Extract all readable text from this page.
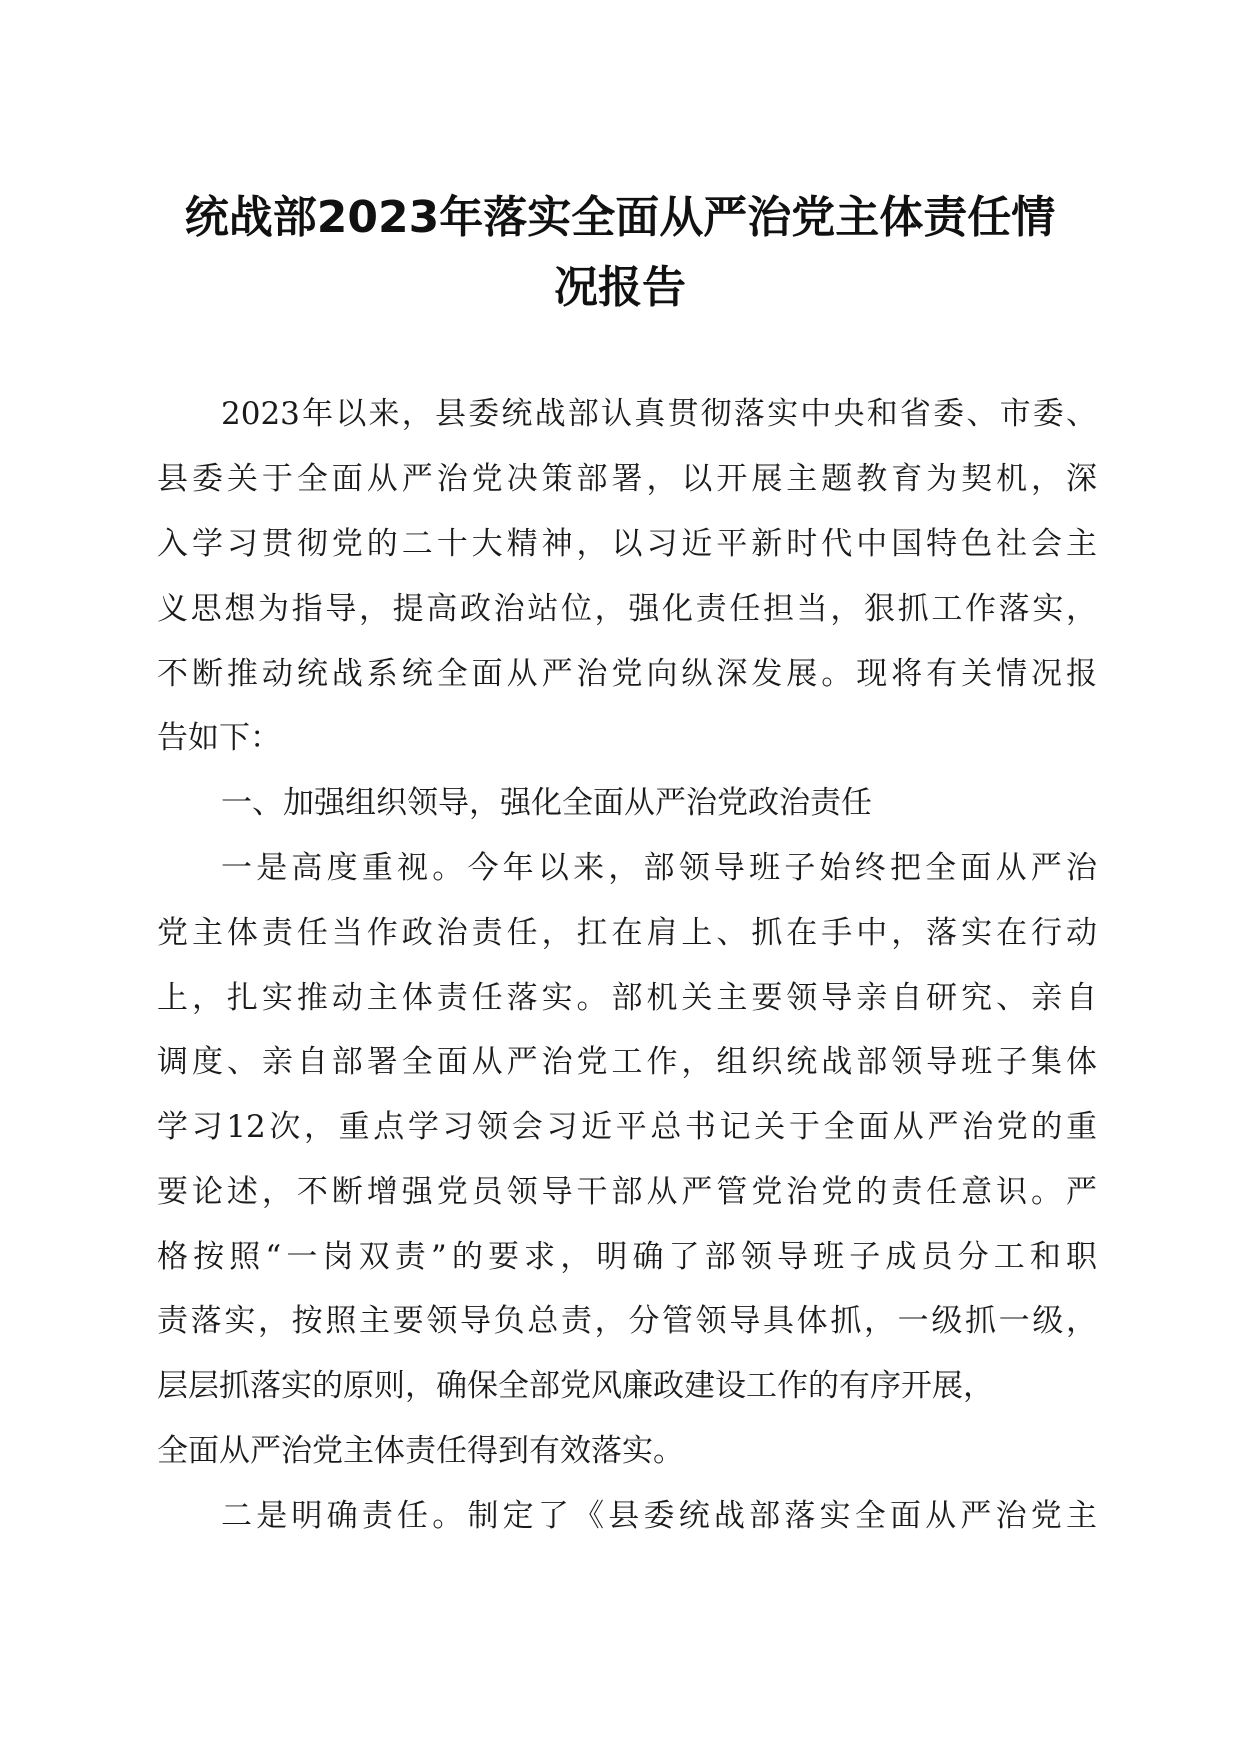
统战部2023年落实全面从严治党主体责任情
况报告

2023年以来，县委统战部认真贯彻落实中央和省委、市委、

县委关于全面从严治党决策部署，以开展主题教育为契机，深

入学习贯彻党的二十大精神，以习近平新时代中国特色社会主

义思想为指导，提高政治站位，强化责任担当，狠抓工作落实，

不断推动统战系统全面从严治党向纵深发展。现将有关情况报

告如下：

一、加强组织领导，强化全面从严治党政治责任

一是高度重视。今年以来，部领导班子始终把全面从严治

党主体责任当作政治责任，扛在肩上、抓在手中，落实在行动

上，扎实推动主体责任落实。部机关主要领导亲自研究、亲自

调度、亲自部署全面从严治党工作，组织统战部领导班子集体

学习12次，重点学习领会习近平总书记关于全面从严治党的重

要论述，不断增强党员领导干部从严管党治党的责任意识。严

格按照“一岗双责”的要求，明确了部领导班子成员分工和职

责落实，按照主要领导负总责，分管领导具体抓，一级抓一级，

层层抓落实的原则，确保全部党风廉政建设工作的有序开展，

全面从严治党主体责任得到有效落实。

二是明确责任。制定了《县委统战部落实全面从严治党主
